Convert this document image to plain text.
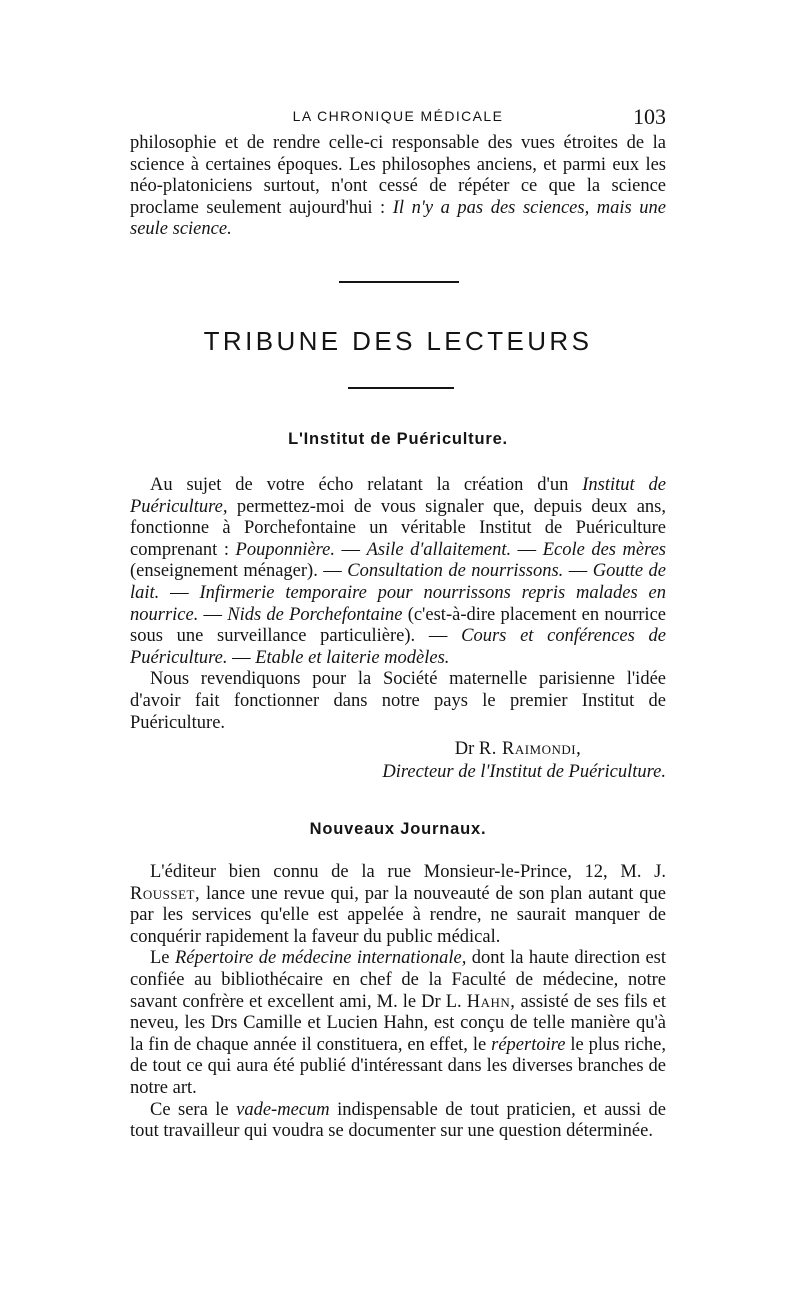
LA CHRONIQUE MÉDICALE	103

philosophie et de rendre celle-ci responsable des vues étroites de la science à certaines époques. Les philosophes anciens, et parmi eux les néo-platoniciens surtout, n'ont cessé de répéter ce que la science proclame seulement aujourd'hui : Il n'y a pas des sciences, mais une seule science.

TRIBUNE DES LECTEURS
L'Institut de Puériculture.

Au sujet de votre écho relatant la création d'un Institut de Puériculture, permettez-moi de vous signaler que, depuis deux ans, fonctionne à Porchefontaine un véritable Institut de Puériculture comprenant : Pouponnière. — Asile d'allaitement. — Ecole des mères (enseignement ménager). — Consultation de nourrissons. — Goutte de lait. — Infirmerie temporaire pour nourrissons repris malades en nourrice. — Nids de Porchefontaine (c'est-à-dire placement en nourrice sous une surveillance particulière). — Cours et conférences de Puériculture. — Etable et laiterie modèles.

Nous revendiquons pour la Société maternelle parisienne l'idée d'avoir fait fonctionner dans notre pays le premier Institut de Puériculture.

Dr R. Raimondi,
Directeur de l'Institut de Puériculture.
Nouveaux Journaux.

L'éditeur bien connu de la rue Monsieur-le-Prince, 12, M. J. Rousset, lance une revue qui, par la nouveauté de son plan autant que par les services qu'elle est appelée à rendre, ne saurait manquer de conquérir rapidement la faveur du public médical.

Le Répertoire de médecine internationale, dont la haute direction est confiée au bibliothécaire en chef de la Faculté de médecine, notre savant confrère et excellent ami, M. le Dr L. Hahn, assisté de ses fils et neveu, les Drs Camille et Lucien Hahn, est conçu de telle manière qu'à la fin de chaque année il constituera, en effet, le répertoire le plus riche, de tout ce qui aura été publié d'intéressant dans les diverses branches de notre art.

Ce sera le vade-mecum indispensable de tout praticien, et aussi de tout travailleur qui voudra se documenter sur une question déterminée.
